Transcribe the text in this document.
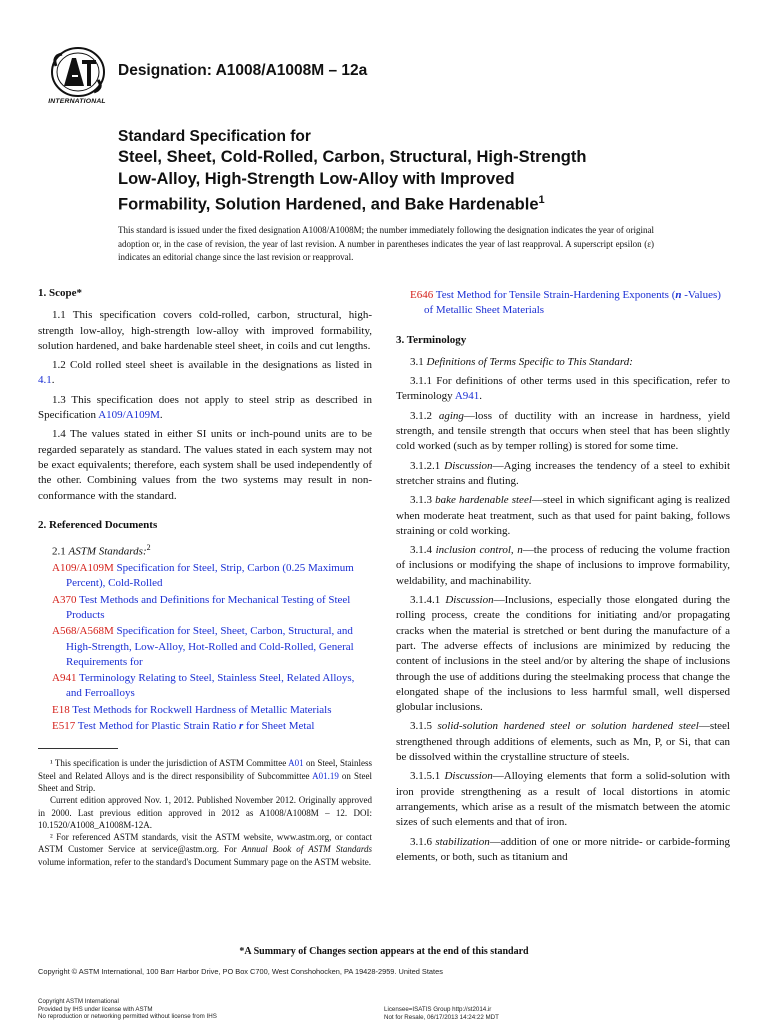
INTERNATIONAL
Designation: A1008/A1008M – 12a
Standard Specification for
Steel, Sheet, Cold-Rolled, Carbon, Structural, High-Strength
Low-Alloy, High-Strength Low-Alloy with Improved
Formability, Solution Hardened, and Bake Hardenable$^1$
This standard is issued under the fixed designation A1008/A1008M; the number immediately following the designation indicates the year of original adoption or, in the case of revision, the year of last revision. A number in parentheses indicates the year of last reapproval. A superscript epsilon (ε) indicates an editorial change since the last revision or reapproval.
1. Scope*

1.1 This specification covers cold-rolled, carbon, structural, high-strength low-alloy, high-strength low-alloy with improved formability, solution hardened, and bake hardenable steel sheet, in coils and cut lengths.

1.2 Cold rolled steel sheet is available in the designations as listed in 4.1.

1.3 This specification does not apply to steel strip as described in Specification A109/A109M.

1.4 The values stated in either SI units or inch-pound units are to be regarded separately as standard. The values stated in each system may not be exact equivalents; therefore, each system shall be used independently of the other. Combining values from the two systems may result in non-conformance with the standard.

2. Referenced Documents

2.1 ASTM Standards:$^2$

A109/A109M Specification for Steel, Strip, Carbon (0.25 Maximum Percent), Cold-Rolled

A370 Test Methods and Definitions for Mechanical Testing of Steel Products

A568/A568M Specification for Steel, Sheet, Carbon, Structural, and High-Strength, Low-Alloy, Hot-Rolled and Cold-Rolled, General Requirements for

A941 Terminology Relating to Steel, Stainless Steel, Related Alloys, and Ferroalloys

E18 Test Methods for Rockwell Hardness of Metallic Materials

E517 Test Method for Plastic Strain Ratio r for Sheet Metal

¹ This specification is under the jurisdiction of ASTM Committee A01 on Steel, Stainless Steel and Related Alloys and is the direct responsibility of Subcommittee A01.19 on Steel Sheet and Strip.

Current edition approved Nov. 1, 2012. Published November 2012. Originally approved in 2000. Last previous edition approved in 2012 as A1008/A1008M – 12. DOI: 10.1520/A1008_A1008M-12A.

² For referenced ASTM standards, visit the ASTM website, www.astm.org, or contact ASTM Customer Service at service@astm.org. For Annual Book of ASTM Standards volume information, refer to the standard's Document Summary page on the ASTM website.

E646 Test Method for Tensile Strain-Hardening Exponents (n -Values) of Metallic Sheet Materials

3. Terminology

3.1 Definitions of Terms Specific to This Standard:

3.1.1 For definitions of other terms used in this specification, refer to Terminology A941.

3.1.2 aging—loss of ductility with an increase in hardness, yield strength, and tensile strength that occurs when steel that has been slightly cold worked (such as by temper rolling) is stored for some time.

3.1.2.1 Discussion—Aging increases the tendency of a steel to exhibit stretcher strains and fluting.

3.1.3 bake hardenable steel—steel in which significant aging is realized when moderate heat treatment, such as that used for paint baking, follows straining or cold working.

3.1.4 inclusion control, n—the process of reducing the volume fraction of inclusions or modifying the shape of inclusions to improve formability, weldability, and machinability.

3.1.4.1 Discussion—Inclusions, especially those elongated during the rolling process, create the conditions for initiating and/or propagating cracks when the material is stretched or bent during the manufacture of a part. The adverse effects of inclusions are minimized by reducing the content of inclusions in the steel and/or by altering the shape of inclusions through the use of additions during the steelmaking process that change the elongated shape of the inclusions to less harmful small, well dispersed globular inclusions.

3.1.5 solid-solution hardened steel or solution hardened steel—steel strengthened through additions of elements, such as Mn, P, or Si, that can be dissolved within the crystalline structure of steels.

3.1.5.1 Discussion—Alloying elements that form a solid-solution with iron provide strengthening as a result of local distortions in atomic arrangements, which arise as a result of the mismatch between the atomic sizes of such elements and that of iron.

3.1.6 stabilization—addition of one or more nitride- or carbide-forming elements, or both, such as titanium and

*A Summary of Changes section appears at the end of this standard
Copyright © ASTM International, 100 Barr Harbor Drive, PO Box C700, West Conshohocken, PA 19428-2959. United States
Copyright ASTM International
Provided by IHS under license with ASTM
No reproduction or networking permitted without license from IHS
Licensee=ISATIS Group http://st2014.ir
Not for Resale, 06/17/2013 14:24:22 MDT
